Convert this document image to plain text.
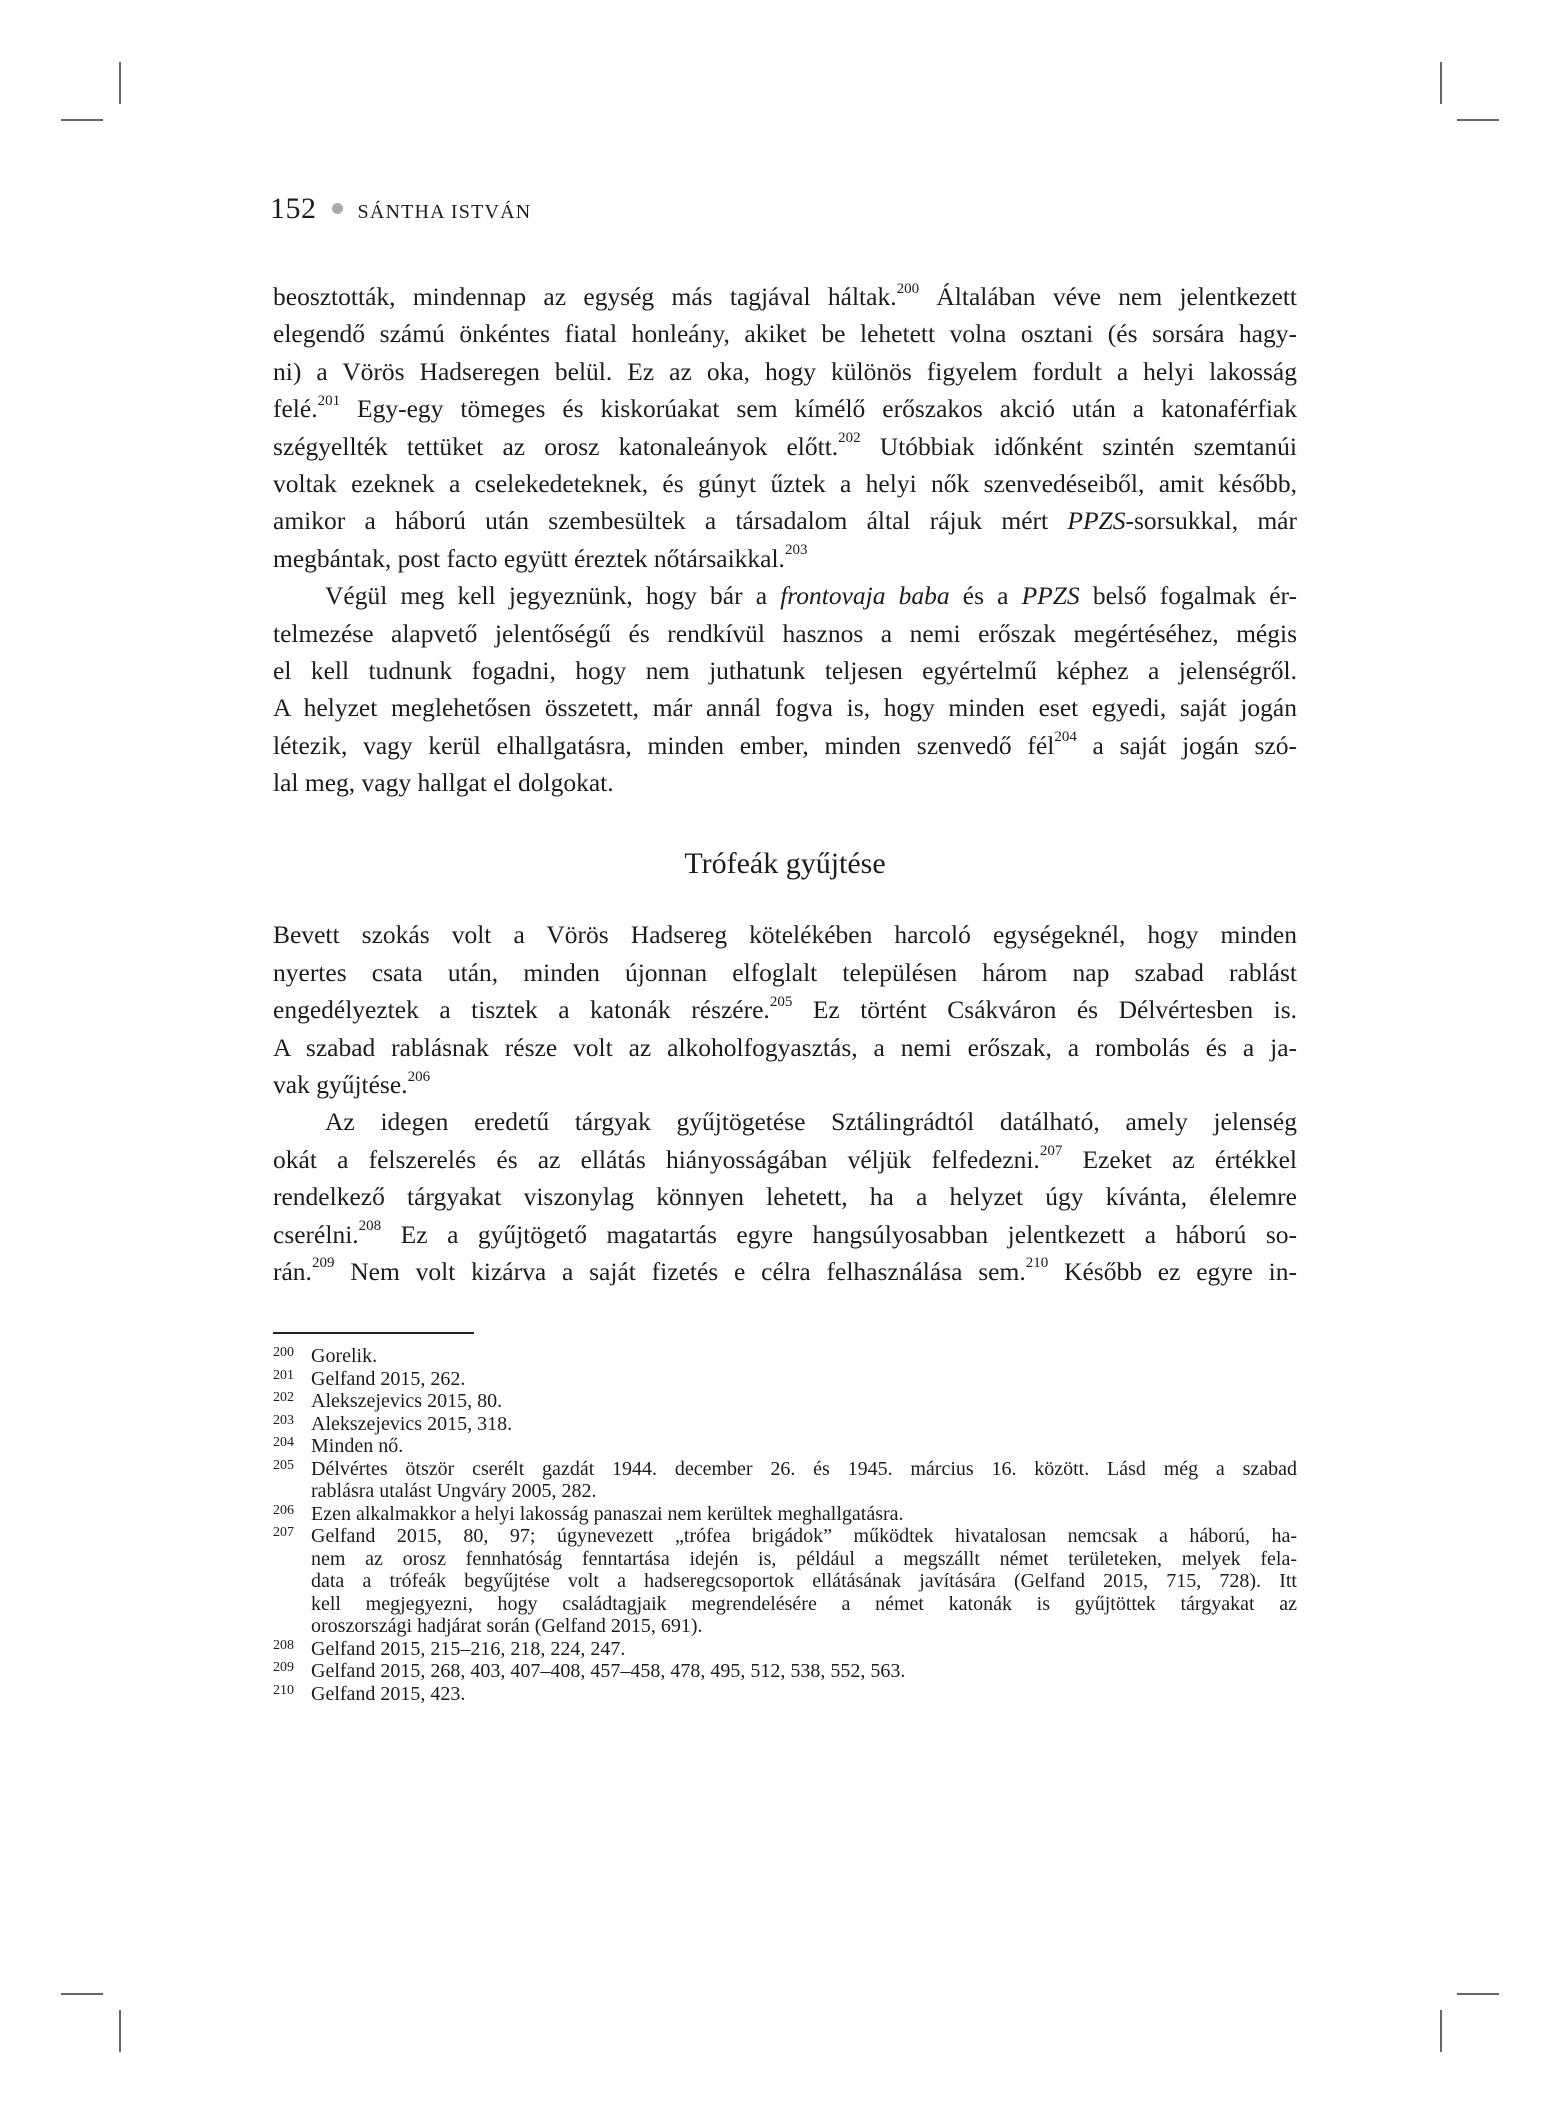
152 SÁNTHA ISTVÁN
beosztották, mindennap az egység más tagjával háltak.$^{200}$ Általában véve nem jelentkezett
elegendő számú önkéntes fiatal honleány, akiket be lehetett volna osztani (és sorsára hagy-
ni) a Vörös Hadseregen belül. Ez az oka, hogy különös figyelem fordult a helyi lakosság
felé.$^{201}$ Egy-egy tömeges és kiskorúakat sem kímélő erőszakos akció után a katonaférfiak
szégyellték tettüket az orosz katonaleányok előtt.$^{202}$ Utóbbiak időnként szintén szemtanúi
voltak ezeknek a cselekedeteknek, és gúnyt űztek a helyi nők szenvedéseiből, amit később,
amikor a háború után szembesültek a társadalom által rájuk mért PPZS-sorsukkal, már
megbántak, post facto együtt éreztek nőtársaikkal.$^{203}$
Végül meg kell jegyeznünk, hogy bár a frontovaja baba és a PPZS belső fogalmak ér-
telmezése alapvető jelentőségű és rendkívül hasznos a nemi erőszak megértéséhez, mégis
el kell tudnunk fogadni, hogy nem juthatunk teljesen egyértelmű képhez a jelenségről.
A helyzet meglehetősen összetett, már annál fogva is, hogy minden eset egyedi, saját jogán
létezik, vagy kerül elhallgatásra, minden ember, minden szenvedő fél$^{204}$ a saját jogán szó-
lal meg, vagy hallgat el dolgokat.
Trófeák gyűjtése
Bevett szokás volt a Vörös Hadsereg kötelékében harcoló egységeknél, hogy minden
nyertes csata után, minden újonnan elfoglalt településen három nap szabad rablást
engedélyeztek a tisztek a katonák részére.$^{205}$ Ez történt Csákváron és Délvértesben is.
A szabad rablásnak része volt az alkoholfogyasztás, a nemi erőszak, a rombolás és a ja-
vak gyűjtése.$^{206}$
Az idegen eredetű tárgyak gyűjtögetése Sztálingrádtól datálható, amely jelenség
okát a felszerelés és az ellátás hiányosságában véljük felfedezni.$^{207}$ Ezeket az értékkel
rendelkező tárgyakat viszonylag könnyen lehetett, ha a helyzet úgy kívánta, élelemre
cserélni.$^{208}$ Ez a gyűjtögető magatartás egyre hangsúlyosabban jelentkezett a háború so-
rán.$^{209}$ Nem volt kizárva a saját fizetés e célra felhasználása sem.$^{210}$ Később ez egyre in-
200 Gorelik.
201 Gelfand 2015, 262.
202 Alekszejevics 2015, 80.
203 Alekszejevics 2015, 318.
204 Minden nő.
205 Délvértes ötször cserélt gazdát 1944. december 26. és 1945. március 16. között. Lásd még a szabad
rablásra utalást Ungváry 2005, 282.
206 Ezen alkalmakkor a helyi lakosság panaszai nem kerültek meghallgatásra.
207 Gelfand 2015, 80, 97; úgynevezett „trófea brigádok” működtek hivatalosan nemcsak a háború, ha-
nem az orosz fennhatóság fenntartása idején is, például a megszállt német területeken, melyek fela-
data a trófeák begyűjtése volt a hadseregcsoportok ellátásának javítására (Gelfand 2015, 715, 728). Itt
kell megjegyezni, hogy családtagjaik megrendelésére a német katonák is gyűjtöttek tárgyakat az
oroszországi hadjárat során (Gelfand 2015, 691).
208 Gelfand 2015, 215–216, 218, 224, 247.
209 Gelfand 2015, 268, 403, 407–408, 457–458, 478, 495, 512, 538, 552, 563.
210 Gelfand 2015, 423.
